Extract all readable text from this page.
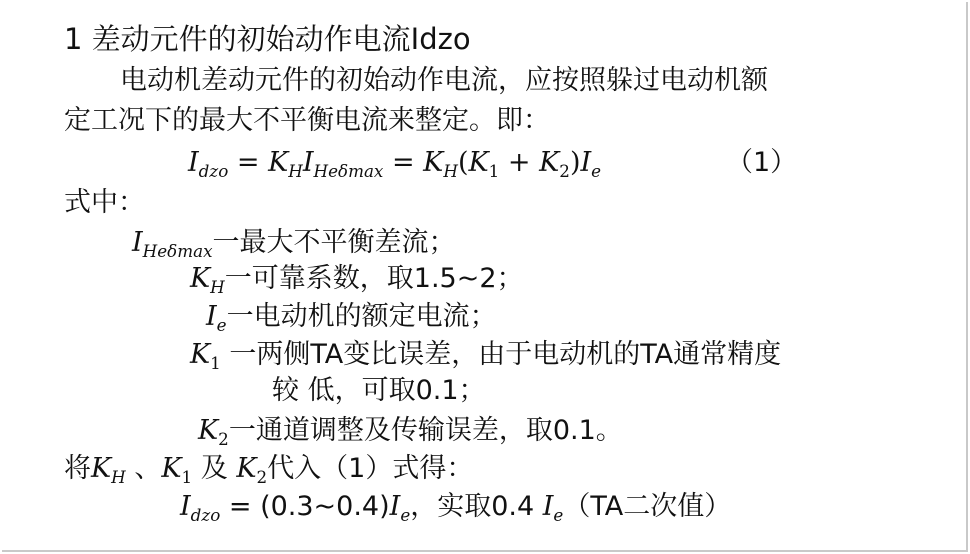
1 差动元件的初始动作电流Idzo
电动机差动元件的初始动作电流，应按照躲过电动机额
定工况下的最大不平衡电流来整定。即：
$I_{dzo} = K_HI_{He\delta max} = K_H(K_1 + K_2)I_e$	（1）
式中：
$I_{He\delta max}$一最大不平衡差流；
$K_H$一可靠系数，取1.5~2；
$I_e$一电动机的额定电流；
$K_1$ 一两侧TA变比误差，由于电动机的TA通常精度
较 低，可取0.1；
$K_2$一通道调整及传输误差，取0.1。
将$K_H$ 、$K_1$ 及 $K_2$代入（1）式得：
$I_{dzo}$ = $(0.3\sim 0.4)I_e$，实取0.4 $I_e(TA$二次值）
